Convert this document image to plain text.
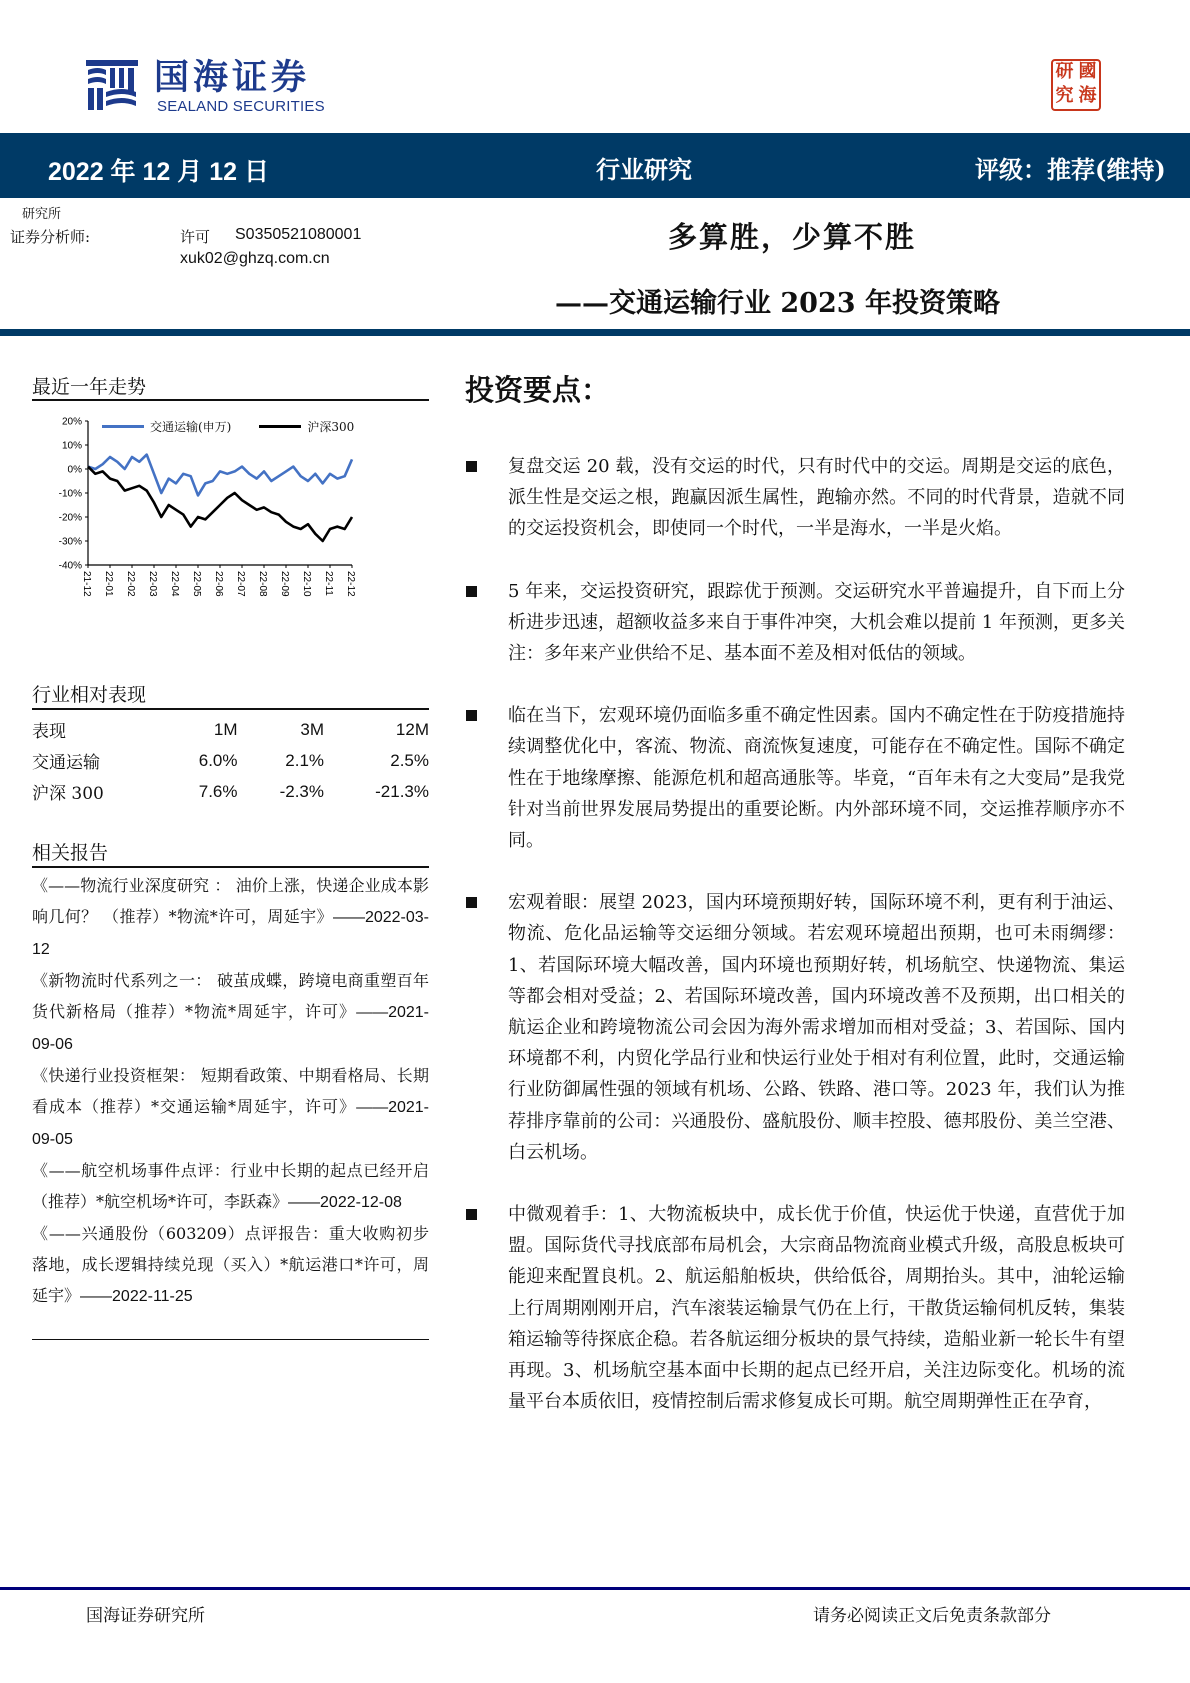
国海证券
SEALAND SECURITIES
研 國
究 海
2022 年 12 月 12 日	行业研究	评级：推荐(维持)
研究所
证券分析师:	许可 S0350521080001
xuk02@ghzq.com.cn
多算胜，少算不胜
——交通运输行业 2023 年投资策略
最近一年走势
交通运输(申万)	沪深300
20%
10%
0%
-10%
-20%
-30%
-40%
21-12 22-01 22-02 22-03 22-04 22-05 22-06 22-07 22-08 22-09 22-10 22-11 22-12
行业相对表现
表现	1M	3M	12M
交通运输	6.0%	2.1%	2.5%
沪深 300	7.6%	-2.3%	-21.3%
相关报告

《——物流行业深度研究 ： 油价上涨，快递企业成本影响几何？ （推荐）*物流*许可，周延宇》——2022-03-12

《新物流时代系列之一： 破茧成蝶，跨境电商重塑百年货代新格局（推荐）*物流*周延宇，许可》——2021-09-06

《快递行业投资框架： 短期看政策、中期看格局、长期看成本（推荐）*交通运输*周延宇，许可》——2021-09-05

《——航空机场事件点评：行业中长期的起点已经开启（推荐）*航空机场*许可，李跃森》——2022-12-08

《——兴通股份（603209）点评报告：重大收购初步落地，成长逻辑持续兑现（买入）*航运港口*许可，周延宇》——2022-11-25

投资要点：
复盘交运 20 载，没有交运的时代，只有时代中的交运。周期是交运的底色，派生性是交运之根，跑赢因派生属性，跑输亦然。不同的时代背景，造就不同的交运投资机会，即使同一个时代，一半是海水，一半是火焰。
5 年来，交运投资研究，跟踪优于预测。交运研究水平普遍提升，自下而上分析进步迅速，超额收益多来自于事件冲突，大机会难以提前 1 年预测，更多关注：多年来产业供给不足、基本面不差及相对低估的领域。
临在当下，宏观环境仍面临多重不确定性因素。国内不确定性在于防疫措施持续调整优化中，客流、物流、商流恢复速度，可能存在不确定性。国际不确定性在于地缘摩擦、能源危机和超高通胀等。毕竟，“百年未有之大变局”是我党针对当前世界发展局势提出的重要论断。内外部环境不同，交运推荐顺序亦不同。
宏观着眼：展望 2023，国内环境预期好转，国际环境不利，更有利于油运、物流、危化品运输等交运细分领域。若宏观环境超出预期，也可未雨绸缪：1、若国际环境大幅改善，国内环境也预期好转，机场航空、快递物流、集运等都会相对受益；2、若国际环境改善，国内环境改善不及预期，出口相关的航运企业和跨境物流公司会因为海外需求增加而相对受益；3、若国际、国内环境都不利，内贸化学品行业和快运行业处于相对有利位置，此时，交通运输行业防御属性强的领域有机场、公路、铁路、港口等。2023 年，我们认为推荐排序靠前的公司：兴通股份、盛航股份、顺丰控股、德邦股份、美兰空港、白云机场。
中微观着手：1、大物流板块中，成长优于价值，快运优于快递，直营优于加盟。国际货代寻找底部布局机会，大宗商品物流商业模式升级，高股息板块可能迎来配置良机。2、航运船舶板块，供给低谷，周期抬头。其中，油轮运输上行周期刚刚开启，汽车滚装运输景气仍在上行，干散货运输伺机反转，集装箱运输等待探底企稳。若各航运细分板块的景气持续，造船业新一轮长牛有望再现。3、机场航空基本面中长期的起点已经开启，关注边际变化。机场的流量平台本质依旧，疫情控制后需求修复成长可期。航空周期弹性正在孕育，
国海证券研究所	请务必阅读正文后免责条款部分
